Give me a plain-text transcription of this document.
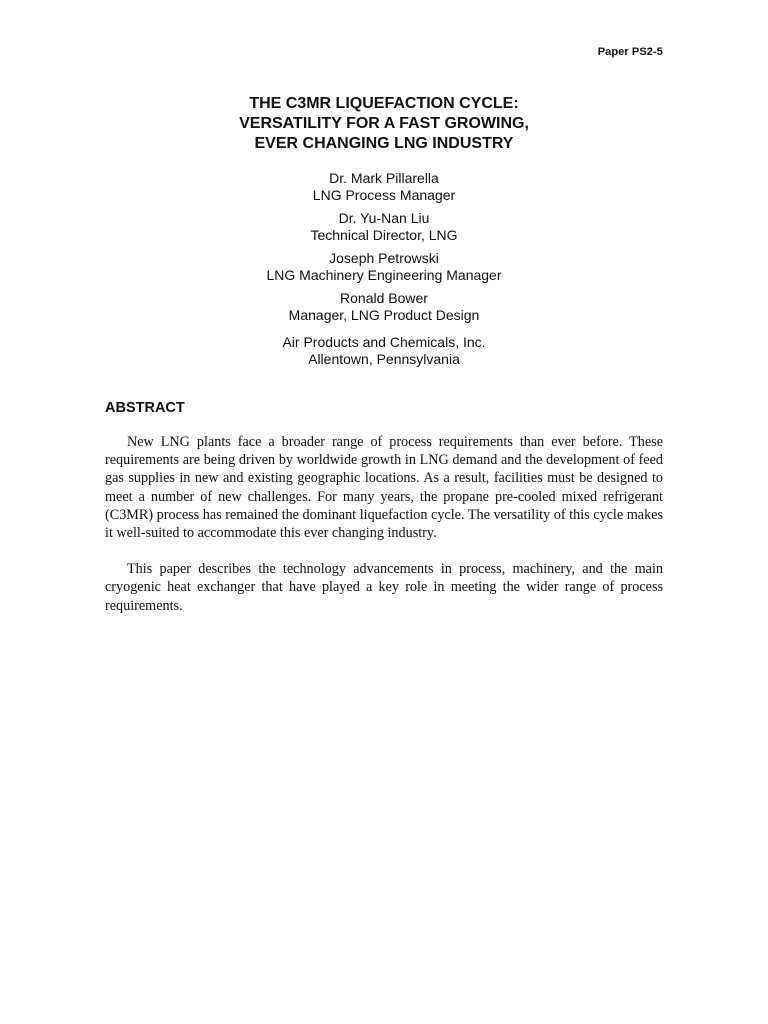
Paper PS2-5
THE C3MR LIQUEFACTION CYCLE:
VERSATILITY FOR A FAST GROWING,
EVER CHANGING LNG INDUSTRY
Dr. Mark Pillarella
LNG Process Manager
Dr. Yu-Nan Liu
Technical Director, LNG
Joseph Petrowski
LNG Machinery Engineering Manager
Ronald Bower
Manager, LNG Product Design
Air Products and Chemicals, Inc.
Allentown, Pennsylvania
ABSTRACT

New LNG plants face a broader range of process requirements than ever before. These requirements are being driven by worldwide growth in LNG demand and the development of feed gas supplies in new and existing geographic locations. As a result, facilities must be designed to meet a number of new challenges. For many years, the propane pre-cooled mixed refrigerant (C3MR) process has remained the dominant liquefaction cycle. The versatility of this cycle makes it well-suited to accommodate this ever changing industry.

This paper describes the technology advancements in process, machinery, and the main cryogenic heat exchanger that have played a key role in meeting the wider range of process requirements.
